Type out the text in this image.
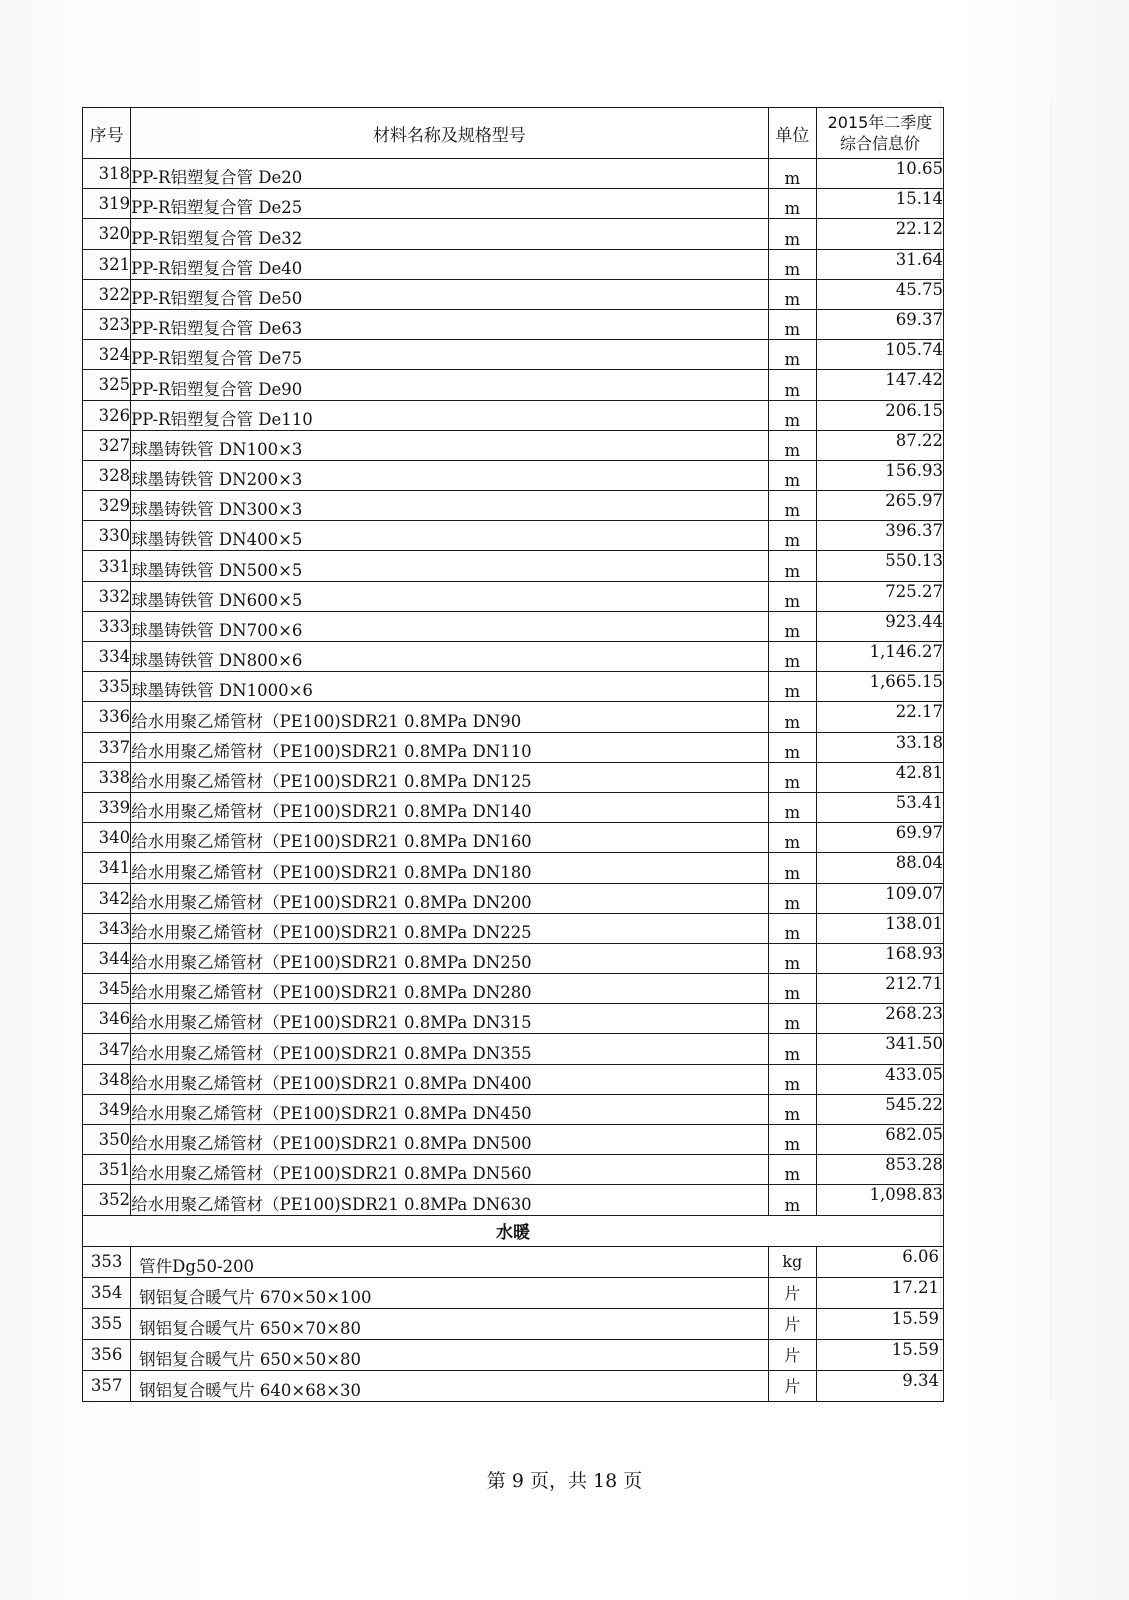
序号	材料名称及规格型号	单位	2015年二季度
综合信息价

318	PP-R铝塑复合管 De20	m	10.65
319	PP-R铝塑复合管 De25	m	15.14
320	PP-R铝塑复合管 De32	m	22.12
321	PP-R铝塑复合管 De40	m	31.64
322	PP-R铝塑复合管 De50	m	45.75
323	PP-R铝塑复合管 De63	m	69.37
324	PP-R铝塑复合管 De75	m	105.74
325	PP-R铝塑复合管 De90	m	147.42
326	PP-R铝塑复合管 De110	m	206.15
327	球墨铸铁管 DN100×3	m	87.22
328	球墨铸铁管 DN200×3	m	156.93
329	球墨铸铁管 DN300×3	m	265.97
330	球墨铸铁管 DN400×5	m	396.37
331	球墨铸铁管 DN500×5	m	550.13
332	球墨铸铁管 DN600×5	m	725.27
333	球墨铸铁管 DN700×6	m	923.44
334	球墨铸铁管 DN800×6	m	1,146.27
335	球墨铸铁管 DN1000×6	m	1,665.15
336	给水用聚乙烯管材（PE100)SDR21 0.8MPa DN90	m	22.17
337	给水用聚乙烯管材（PE100)SDR21 0.8MPa DN110	m	33.18
338	给水用聚乙烯管材（PE100)SDR21 0.8MPa DN125	m	42.81
339	给水用聚乙烯管材（PE100)SDR21 0.8MPa DN140	m	53.41
340	给水用聚乙烯管材（PE100)SDR21 0.8MPa DN160	m	69.97
341	给水用聚乙烯管材（PE100)SDR21 0.8MPa DN180	m	88.04
342	给水用聚乙烯管材（PE100)SDR21 0.8MPa DN200	m	109.07
343	给水用聚乙烯管材（PE100)SDR21 0.8MPa DN225	m	138.01
344	给水用聚乙烯管材（PE100)SDR21 0.8MPa DN250	m	168.93
345	给水用聚乙烯管材（PE100)SDR21 0.8MPa DN280	m	212.71
346	给水用聚乙烯管材（PE100)SDR21 0.8MPa DN315	m	268.23
347	给水用聚乙烯管材（PE100)SDR21 0.8MPa DN355	m	341.50
348	给水用聚乙烯管材（PE100)SDR21 0.8MPa DN400	m	433.05
349	给水用聚乙烯管材（PE100)SDR21 0.8MPa DN450	m	545.22
350	给水用聚乙烯管材（PE100)SDR21 0.8MPa DN500	m	682.05
351	给水用聚乙烯管材（PE100)SDR21 0.8MPa DN560	m	853.28
352	给水用聚乙烯管材（PE100)SDR21 0.8MPa DN630	m	1,098.83
水暖			
353	管件Dg50-200	kg	6.06
354	钢铝复合暖气片 670×50×100	片	17.21
355	钢铝复合暖气片 650×70×80	片	15.59
356	钢铝复合暖气片 650×50×80	片	15.59
357	钢铝复合暖气片 640×68×30	片	9.34
第 9 页，共 18 页
